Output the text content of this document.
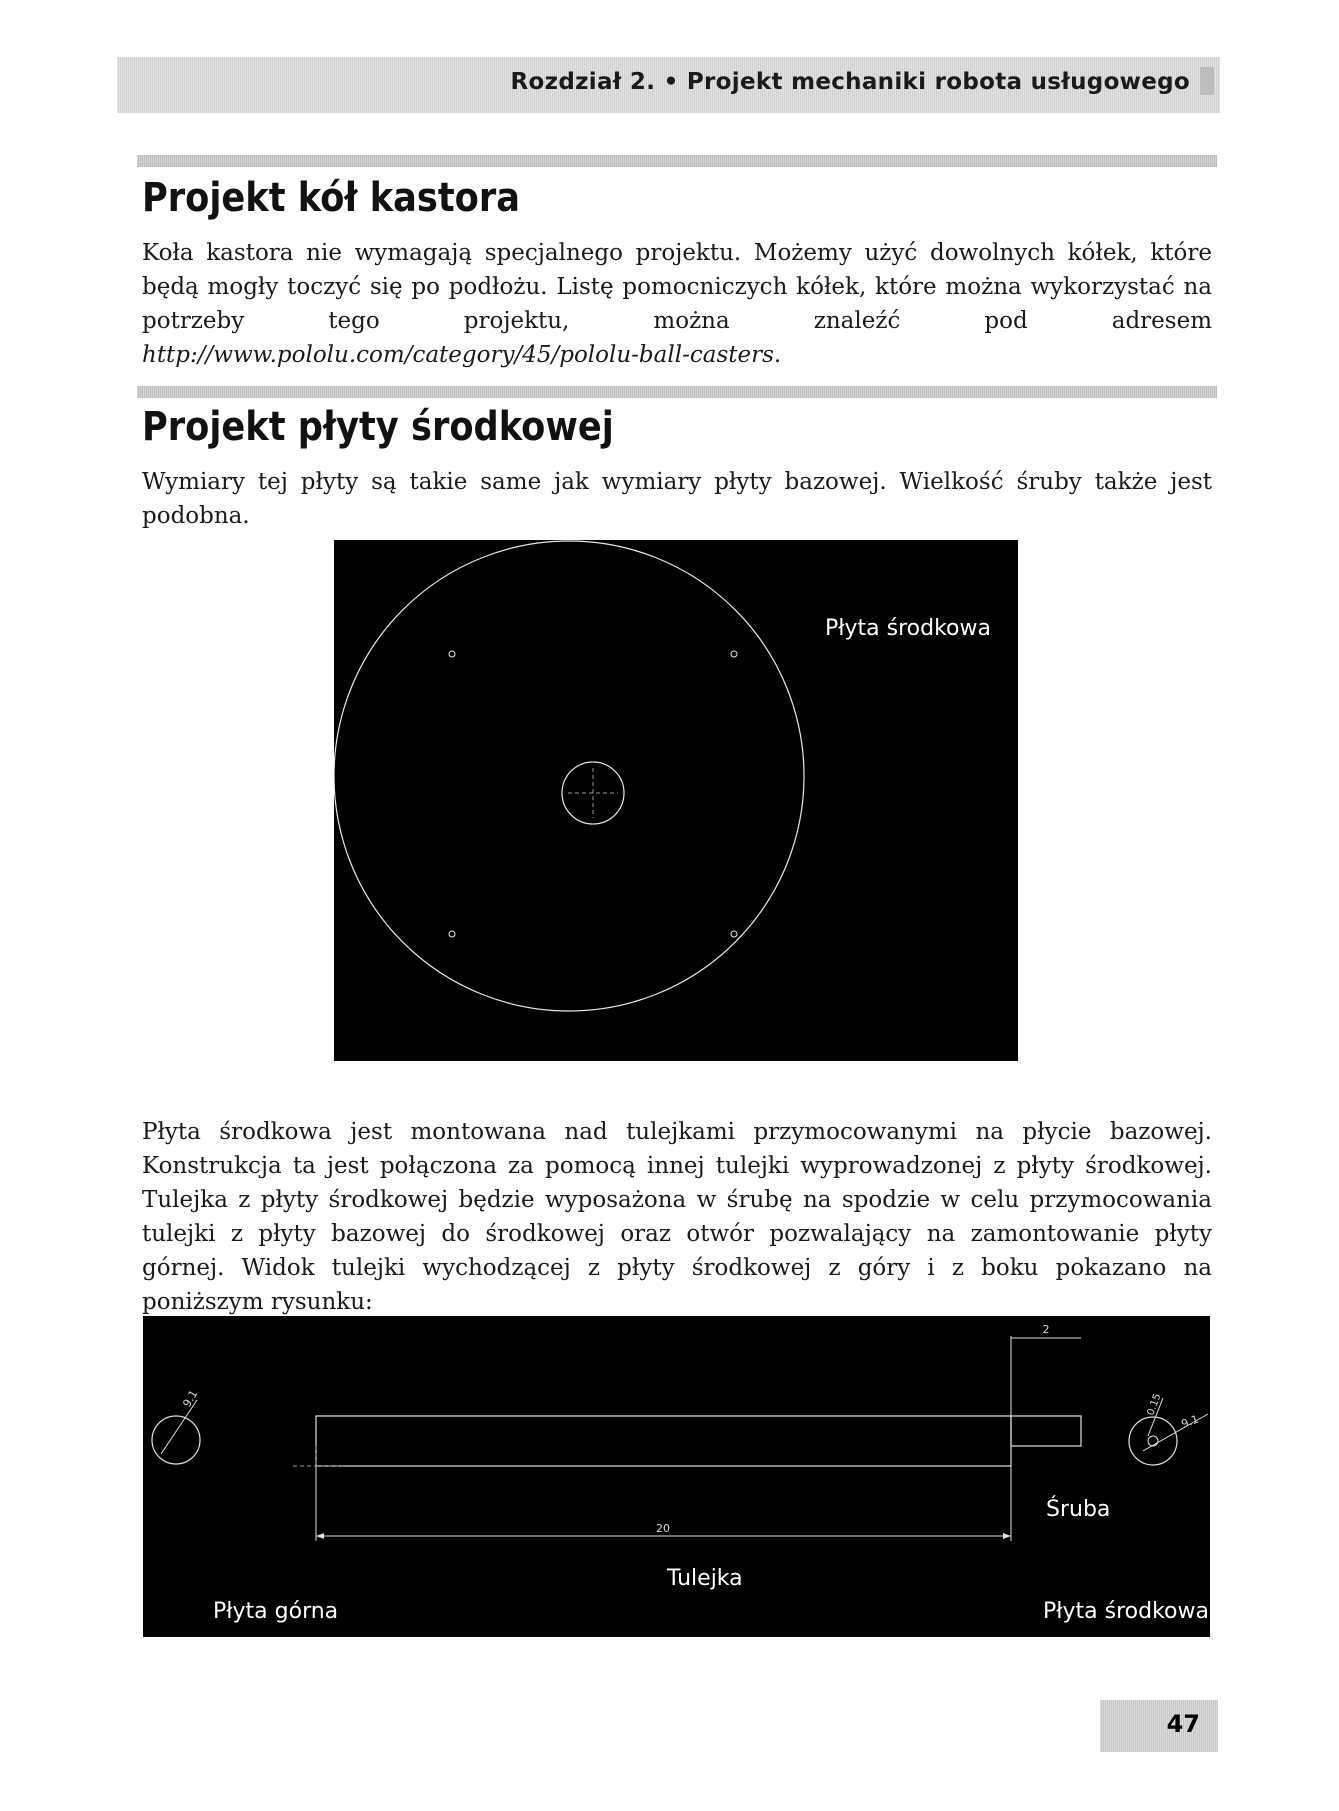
Rozdział 2. • Projekt mechaniki robota usługowego
Projekt kół kastora
Koła kastora nie wymagają specjalnego projektu. Możemy użyć dowolnych kółek, które będą mogły toczyć się po podłożu. Listę pomocniczych kółek, które można wykorzystać na potrzeby tego projektu, można znaleźć pod adresem http://www.pololu.com/category/45/pololu-ball-casters.
Projekt płyty środkowej
Wymiary tej płyty są takie same jak wymiary płyty bazowej. Wielkość śruby także jest podobna.
Płyta środkowa
Płyta środkowa jest montowana nad tulejkami przymocowanymi na płycie bazowej. Konstrukcja ta jest połączona za pomocą innej tulejki wyprowadzonej z płyty środkowej. Tulejka z płyty środkowej będzie wyposażona w śrubę na spodzie w celu przymocowania tulejki z płyty bazowej do środkowej oraz otwór pozwalający na zamontowanie płyty górnej. Widok tulejki wychodzącej z płyty środkowej z góry i z boku pokazano na poniższym rysunku:
9.1
2
20
0.15
9.1
Śruba
Tulejka
Płyta górna	Płyta środkowa
47
